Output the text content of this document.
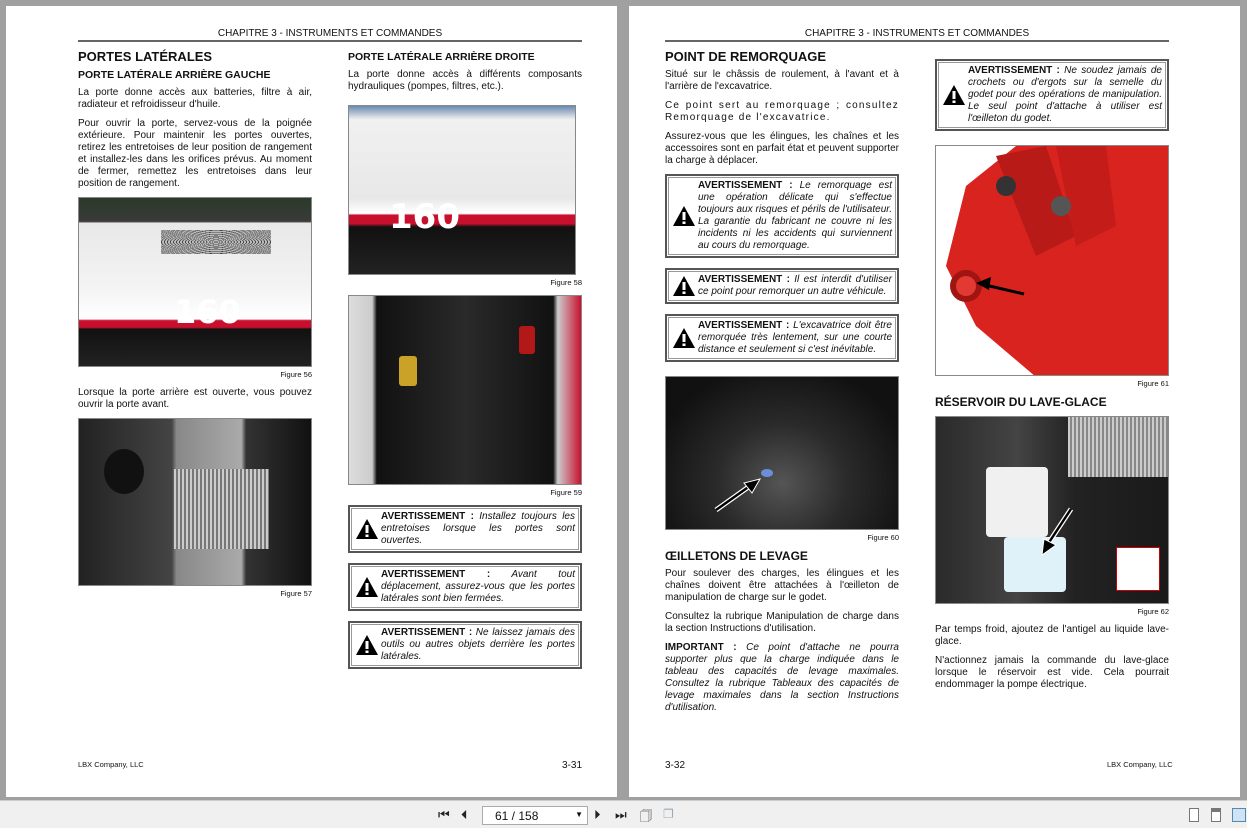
CHAPITRE 3 - INSTRUMENTS ET COMMANDES
PORTES LATÉRALES
PORTE LATÉRALE ARRIÈRE GAUCHE

La porte donne accès aux batteries, filtre à air, radiateur et refroidisseur d'huile.

Pour ouvrir la porte, servez-vous de la poignée extérieure. Pour maintenir les portes ouvertes, retirez les entretoises de leur position de rangement et installez-les dans les orifices prévus. Au moment de fermer, remettez les entretoises dans leur position de rangement.

160
Figure 56

Lorsque la porte arrière est ouverte, vous pouvez ouvrir la porte avant.

Figure 57
PORTE LATÉRALE ARRIÈRE DROITE

La porte donne accès à différents composants hydrauliques (pompes, filtres, etc.).

160
Figure 58
Figure 59
AVERTISSEMENT : Installez toujours les entretoises lorsque les portes sont ouvertes.
AVERTISSEMENT : Avant tout déplacement, assurez-vous que les portes latérales sont bien fermées.
AVERTISSEMENT : Ne laissez jamais des outils ou autres objets derrière les portes latérales.
LBX Company, LLC	3-31
CHAPITRE 3 - INSTRUMENTS ET COMMANDES
POINT DE REMORQUAGE

Situé sur le châssis de roulement, à l'avant et à l'arrière de l'excavatrice.

Ce point sert au remorquage ; consultez Remorquage de l'excavatrice.

Assurez-vous que les élingues, les chaînes et les accessoires sont en parfait état et peuvent supporter la charge à déplacer.

AVERTISSEMENT : Le remorquage est une opération délicate qui s'effectue toujours aux risques et périls de l'utilisateur. La garantie du fabricant ne couvre ni les incidents ni les accidents qui surviennent au cours du remorquage.
AVERTISSEMENT : Il est interdit d'utiliser ce point pour remorquer un autre véhicule.
AVERTISSEMENT : L'excavatrice doit être remorquée très lentement, sur une courte distance et seulement si c'est inévitable.
Figure 60
ŒILLETONS DE LEVAGE

Pour soulever des charges, les élingues et les chaînes doivent être attachées à l'œilleton de manipulation de charge sur le godet.

Consultez la rubrique Manipulation de charge dans la section Instructions d'utilisation.

IMPORTANT : Ce point d'attache ne pourra supporter plus que la charge indiquée dans le tableau des capacités de levage maximales. Consultez la rubrique Tableaux des capacités de levage maximales dans la section Instructions d'utilisation.

AVERTISSEMENT : Ne soudez jamais de crochets ou d'ergots sur la semelle du godet pour des opérations de manipulation. Le seul point d'attache à utiliser est l'œilleton du godet.
Figure 61
RÉSERVOIR DU LAVE-GLACE
Figure 62

Par temps froid, ajoutez de l'antigel au liquide lave-glace.

N'actionnez jamais la commande du lave-glace lorsque le réservoir est vide. Cela pourrait endommager la pompe électrique.

3-32	LBX Company, LLC
⏮ ⏴	61 / 158	▼ ⏵ ⏭ 🗍 ❐
